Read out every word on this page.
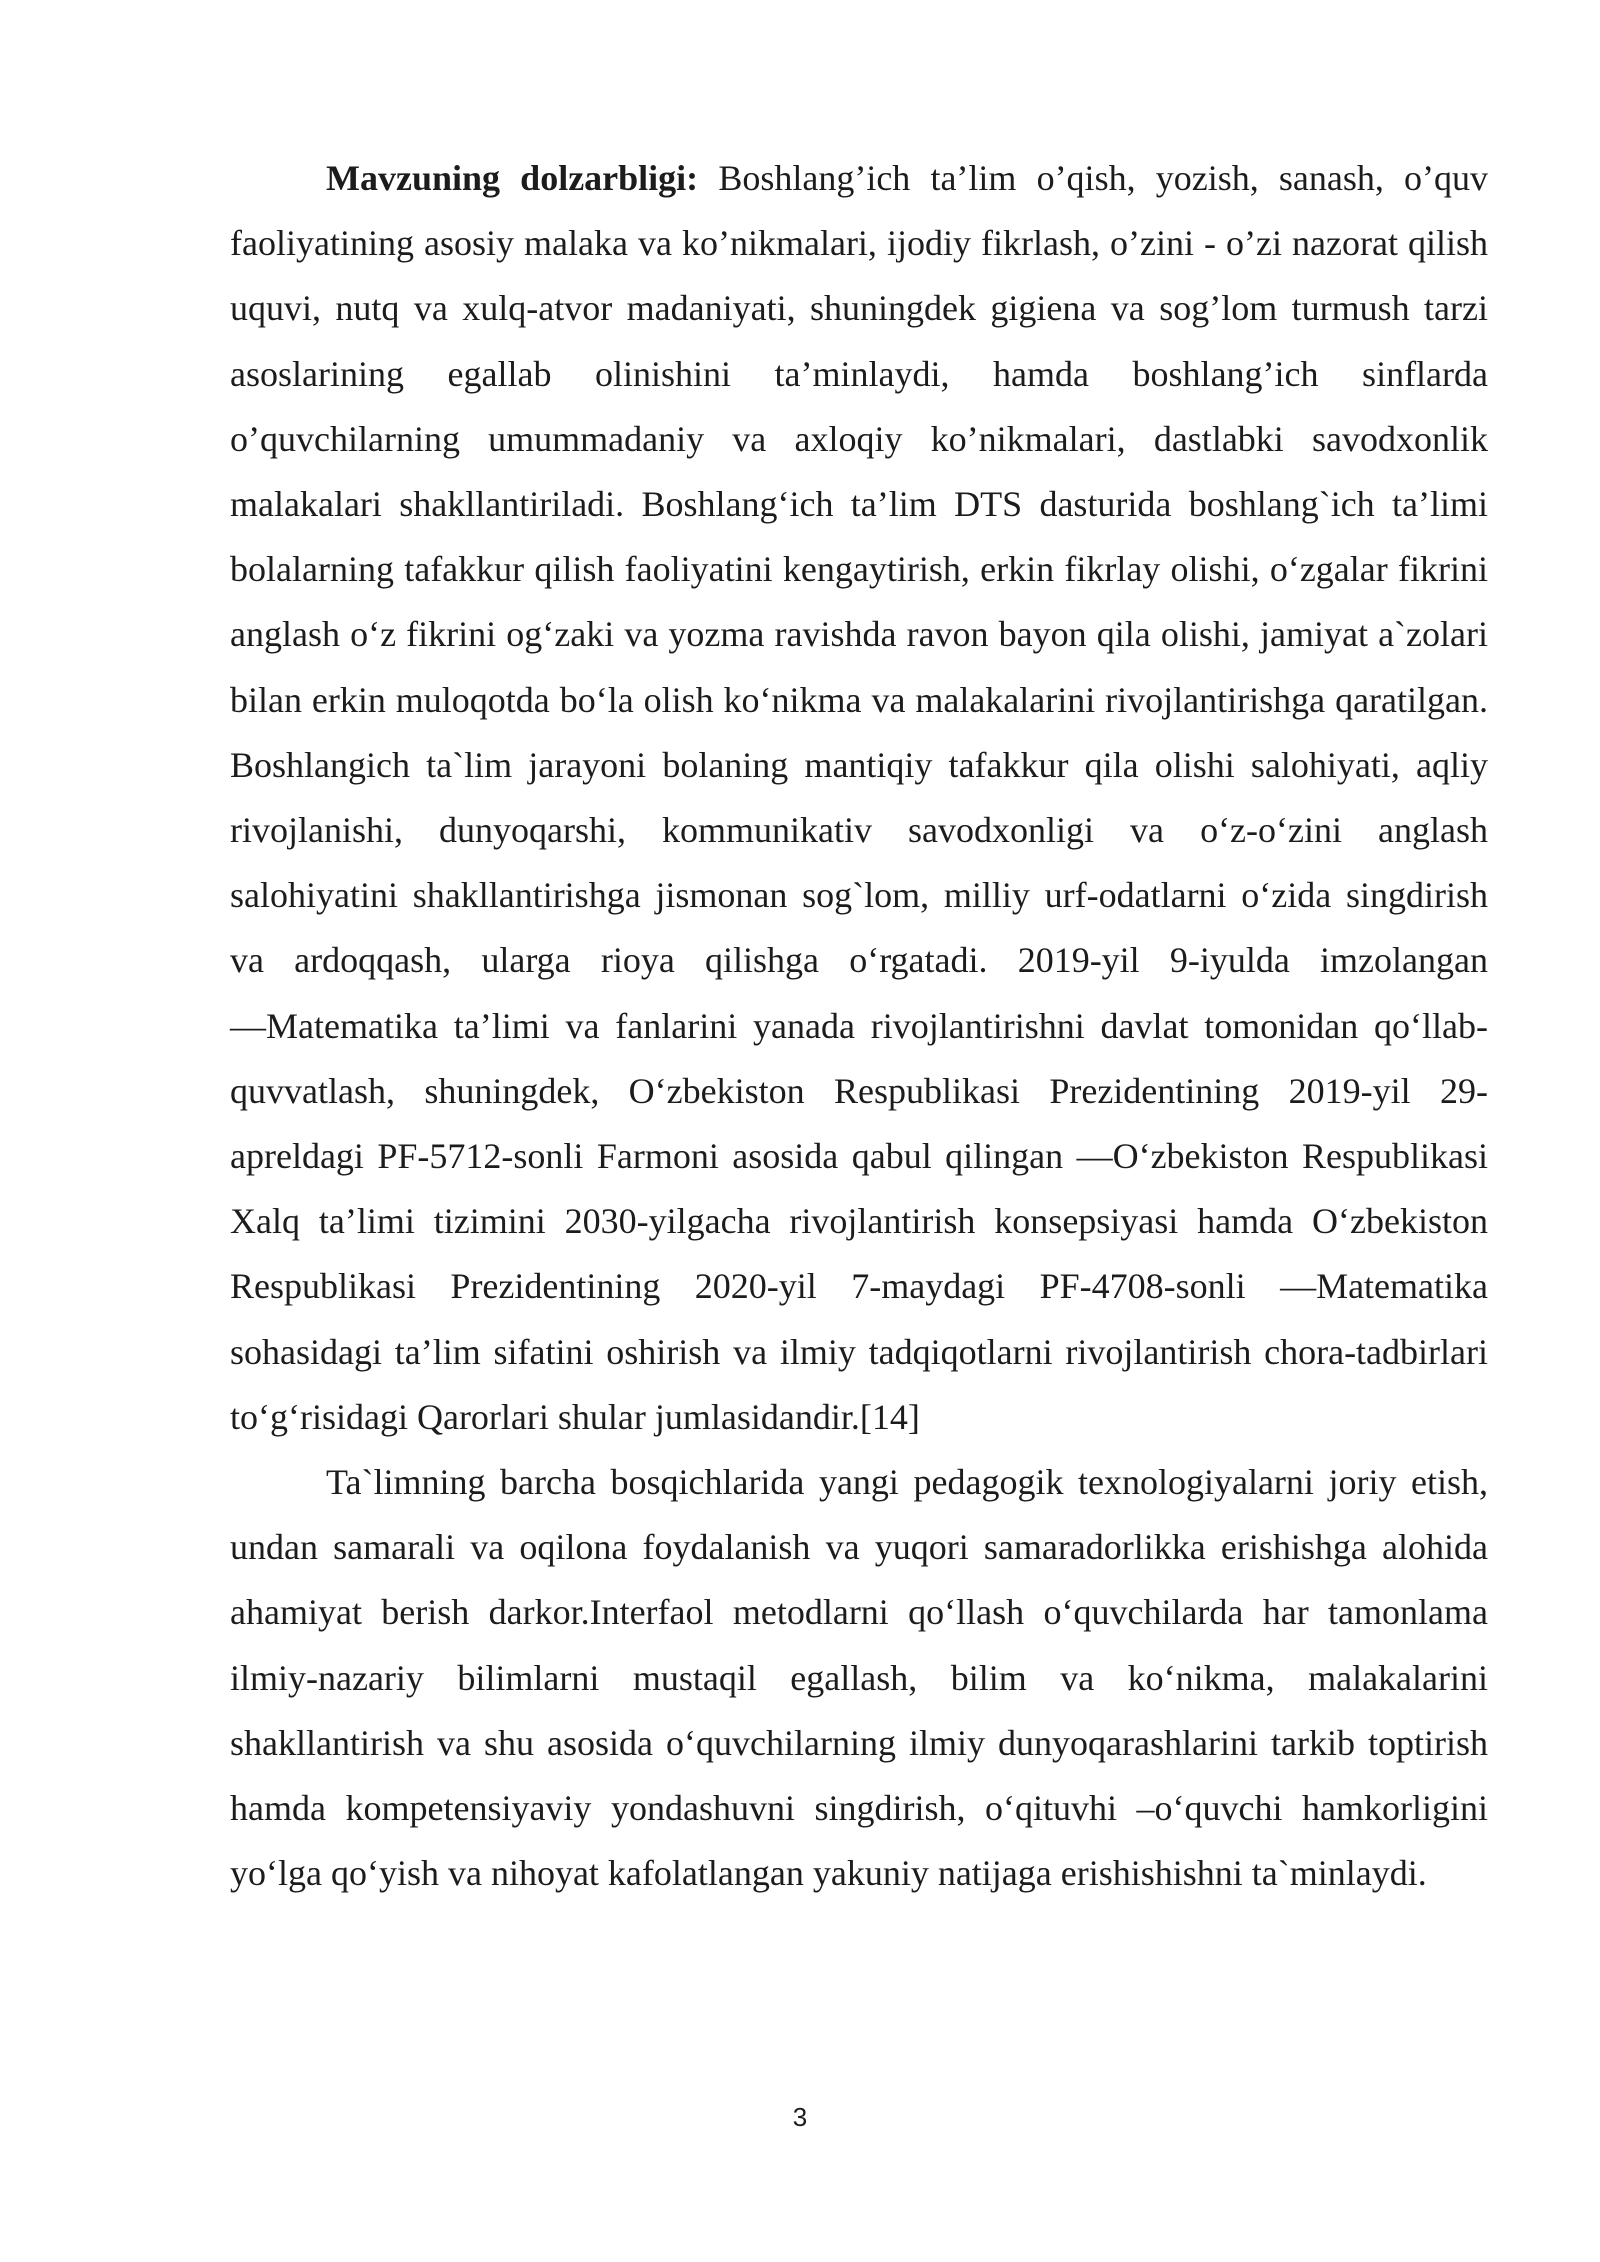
Mavzuning dolzarbligi: Boshlang’ich ta’lim o’qish, yozish, sanash, o’quv faoliyatining asosiy malaka va ko’nikmalari, ijodiy fikrlash, o’zini - o’zi nazorat qilish uquvi, nutq va xulq-atvor madaniyati, shuningdek gigiena va sog’lom turmush tarzi asoslarining egallab olinishini ta’minlaydi, hamda boshlang’ich sinflarda o’quvchilarning umummadaniy va axloqiy ko’nikmalari, dastlabki savodxonlik malakalari shakllantiriladi. Boshlang‘ich ta’lim DTS dasturida boshlang`ich ta’limi bolalarning tafakkur qilish faoliyatini kengaytirish, erkin fikrlay olishi, o‘zgalar fikrini anglash o‘z fikrini og‘zaki va yozma ravishda ravon bayon qila olishi, jamiyat a`zolari bilan erkin muloqotda bo‘la olish ko‘nikma va malakalarini rivojlantirishga qaratilgan. Boshlangich ta`lim jarayoni bolaning mantiqiy tafakkur qila olishi salohiyati, aqliy rivojlanishi, dunyoqarshi, kommunikativ savodxonligi va o‘z-o‘zini anglash salohiyatini shakllantirishga jismonan sog`lom, milliy urf-odatlarni o‘zida singdirish va ardoqqash, ularga rioya qilishga o‘rgatadi. 2019-yil 9-iyulda imzolangan ―Matematika ta’limi va fanlarini yanada rivojlantirishni davlat tomonidan qo‘llab-quvvatlash, shuningdek, O‘zbekiston Respublikasi Prezidentining 2019-yil 29-apreldagi PF-5712-sonli Farmoni asosida qabul qilingan ―O‘zbekiston Respublikasi Xalq ta’limi tizimini 2030-yilgacha rivojlantirish konsepsiyasi hamda O‘zbekiston Respublikasi Prezidentining 2020-yil 7-maydagi PF-4708-sonli ―Matematika sohasidagi ta’lim sifatini oshirish va ilmiy tadqiqotlarni rivojlantirish chora-tadbirlari to‘g‘risidagi Qarorlari shular jumlasidandir.[14]

Ta`limning barcha bosqichlarida yangi pedagogik texnologiyalarni joriy etish, undan samarali va oqilona foydalanish va yuqori samaradorlikka erishishga alohida ahamiyat berish darkor.Interfaol metodlarni qo‘llash o‘quvchilarda har tamonlama ilmiy-nazariy bilimlarni mustaqil egallash, bilim va ko‘nikma, malakalarini shakllantirish va shu asosida o‘quvchilarning ilmiy dunyoqarashlarini tarkib toptirish hamda kompetensiyaviy yondashuvni singdirish, o‘qituvhi –o‘quvchi hamkorligini yo‘lga qo‘yish va nihoyat kafolatlangan yakuniy natijaga erishishishni ta`minlaydi.

3
